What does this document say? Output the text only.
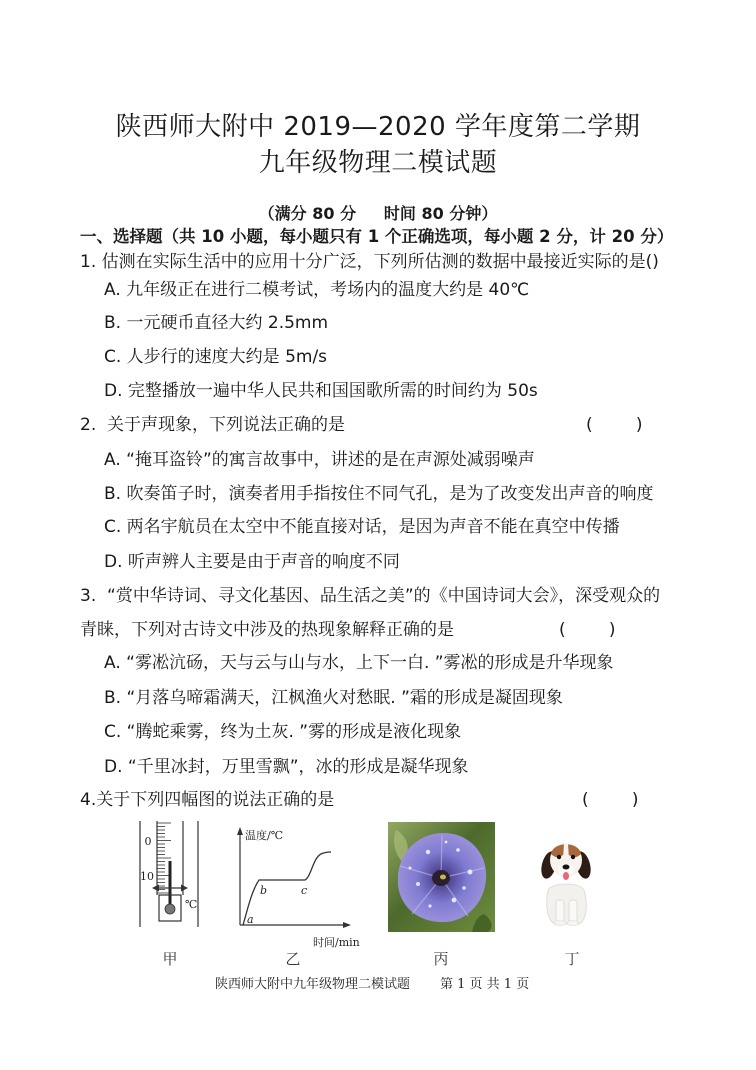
陕西师大附中 2019—2020 学年度第二学期
九年级物理二模试题
（满分 80 分     时间 80 分钟）
一、选择题（共 10 小题，每小题只有 1 个正确选项，每小题 2 分，计 20 分）
1. 估测在实际生活中的应用十分广泛，下列所估测的数据中最接近实际的是()
A. 九年级正在进行二模考试，考场内的温度大约是 40℃
B. 一元硬币直径大约 2.5mm
C. 人步行的速度大约是 5m/s
D. 完整播放一遍中华人民共和国国歌所需的时间约为 50s
2.  关于声现象，下列说法正确的是	(        )
A. “掩耳盗铃”的寓言故事中，讲述的是在声源处减弱噪声
B. 吹奏笛子时，演奏者用手指按住不同气孔，是为了改变发出声音的响度
C. 两名宇航员在太空中不能直接对话，是因为声音不能在真空中传播
D. 听声辨人主要是由于声音的响度不同
3.  “赏中华诗词、寻文化基因、品生活之美”的《中国诗词大会》，深受观众的
青睐，下列对古诗文中涉及的热现象解释正确的是	(        )
A. “雾凇沆砀，天与云与山与水，上下一白. ”雾凇的形成是升华现象
B. “月落乌啼霜满天，江枫渔火对愁眠. ”霜的形成是凝固现象
C. “腾蛇乘雾，终为土灰. ”雾的形成是液化现象
D. “千里冰封，万里雪飘”，冰的形成是凝华现象
4.关于下列四幅图的说法正确的是	(        )
0
10
℃
温度/℃
时间/min
a
b	c
甲	乙	丙	丁
陕西师大附中九年级物理二模试题 第 1 页 共 1 页
